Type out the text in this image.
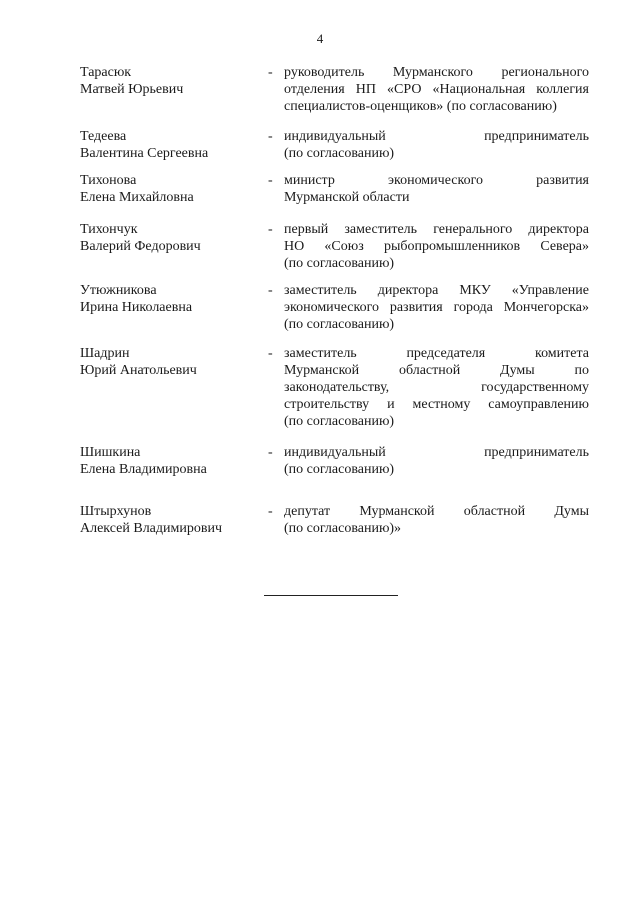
4
Тарасюк
Матвей Юрьевич
- руководитель Мурманского регионального
отделения НП «СРО «Национальная коллегия
специалистов-оценщиков» (по согласованию)
Тедеева
Валентина Сергеевна
- индивидуальный предприниматель
(по согласованию)
Тихонова
Елена Михайловна
- министр экономического развития
Мурманской области
Тихончук
Валерий Федорович
- первый заместитель генерального директора
НО «Союз рыбопромышленников Севера»
(по согласованию)
Утюжникова
Ирина Николаевна
- заместитель директора МКУ «Управление
экономического развития города Мончегорска»
(по согласованию)
Шадрин
Юрий Анатольевич
- заместитель председателя комитета
Мурманской областной Думы по
законодательству, государственному
строительству и местному самоуправлению
(по согласованию)
Шишкина
Елена Владимировна
- индивидуальный предприниматель
(по согласованию)
Штырхунов
Алексей Владимирович
- депутат Мурманской областной Думы
(по согласованию)»
